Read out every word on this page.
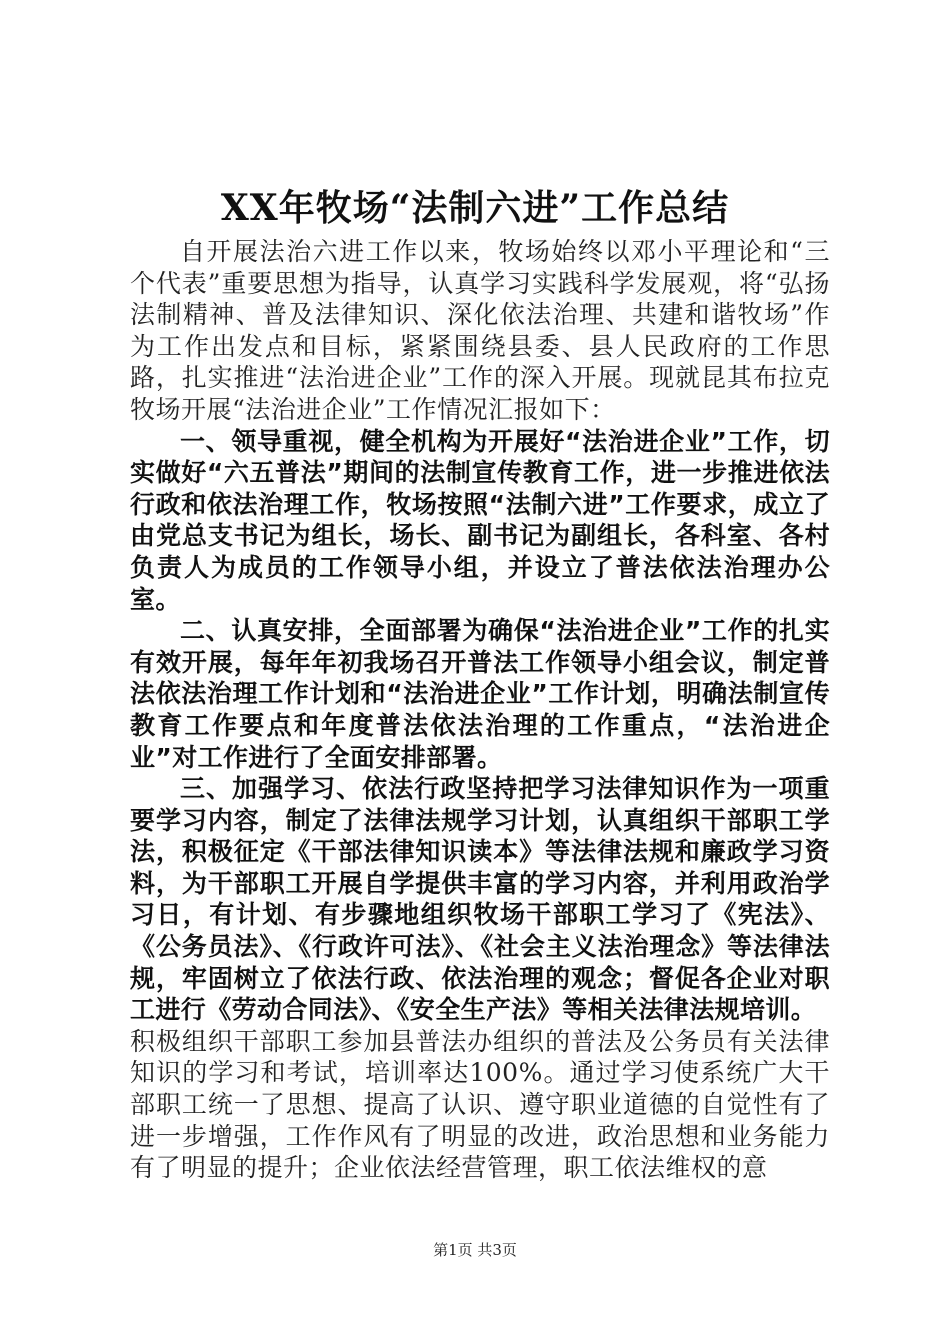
XX年牧场“法制六进”工作总结

自开展法治六进工作以来，牧场始终以邓小平理论和“三个代表”重要思想为指导，认真学习实践科学发展观，将“弘扬法制精神、普及法律知识、深化依法治理、共建和谐牧场”作为工作出发点和目标，紧紧围绕县委、县人民政府的工作思路，扎实推进“法治进企业”工作的深入开展。现就昆其布拉克牧场开展“法治进企业”工作情况汇报如下：

一、领导重视，健全机构为开展好“法治进企业”工作，切实做好“六五普法”期间的法制宣传教育工作，进一步推进依法行政和依法治理工作，牧场按照“法制六进”工作要求，成立了由党总支书记为组长，场长、副书记为副组长，各科室、各村负责人为成员的工作领导小组，并设立了普法依法治理办公室。

二、认真安排，全面部署为确保“法治进企业”工作的扎实有效开展，每年年初我场召开普法工作领导小组会议，制定普法依法治理工作计划和“法治进企业”工作计划，明确法制宣传教育工作要点和年度普法依法治理的工作重点，“法治进企业”对工作进行了全面安排部署。

三、加强学习、依法行政坚持把学习法律知识作为一项重要学习内容，制定了法律法规学习计划，认真组织干部职工学法，积极征定《干部法律知识读本》等法律法规和廉政学习资料，为干部职工开展自学提供丰富的学习内容，并利用政治学习日，有计划、有步骤地组织牧场干部职工学习了《宪法》、《公务员法》、《行政许可法》、《社会主义法治理念》等法律法规，牢固树立了依法行政、依法治理的观念；督促各企业对职工进行《劳动合同法》、《安全生产法》等相关法律法规培训。

积极组织干部职工参加县普法办组织的普法及公务员有关法律知识的学习和考试，培训率达100%。通过学习使系统广大干部职工统一了思想、提高了认识、遵守职业道德的自觉性有了进一步增强，工作作风有了明显的改进，政治思想和业务能力有了明显的提升；企业依法经营管理，职工依法维权的意

第1页 共3页
